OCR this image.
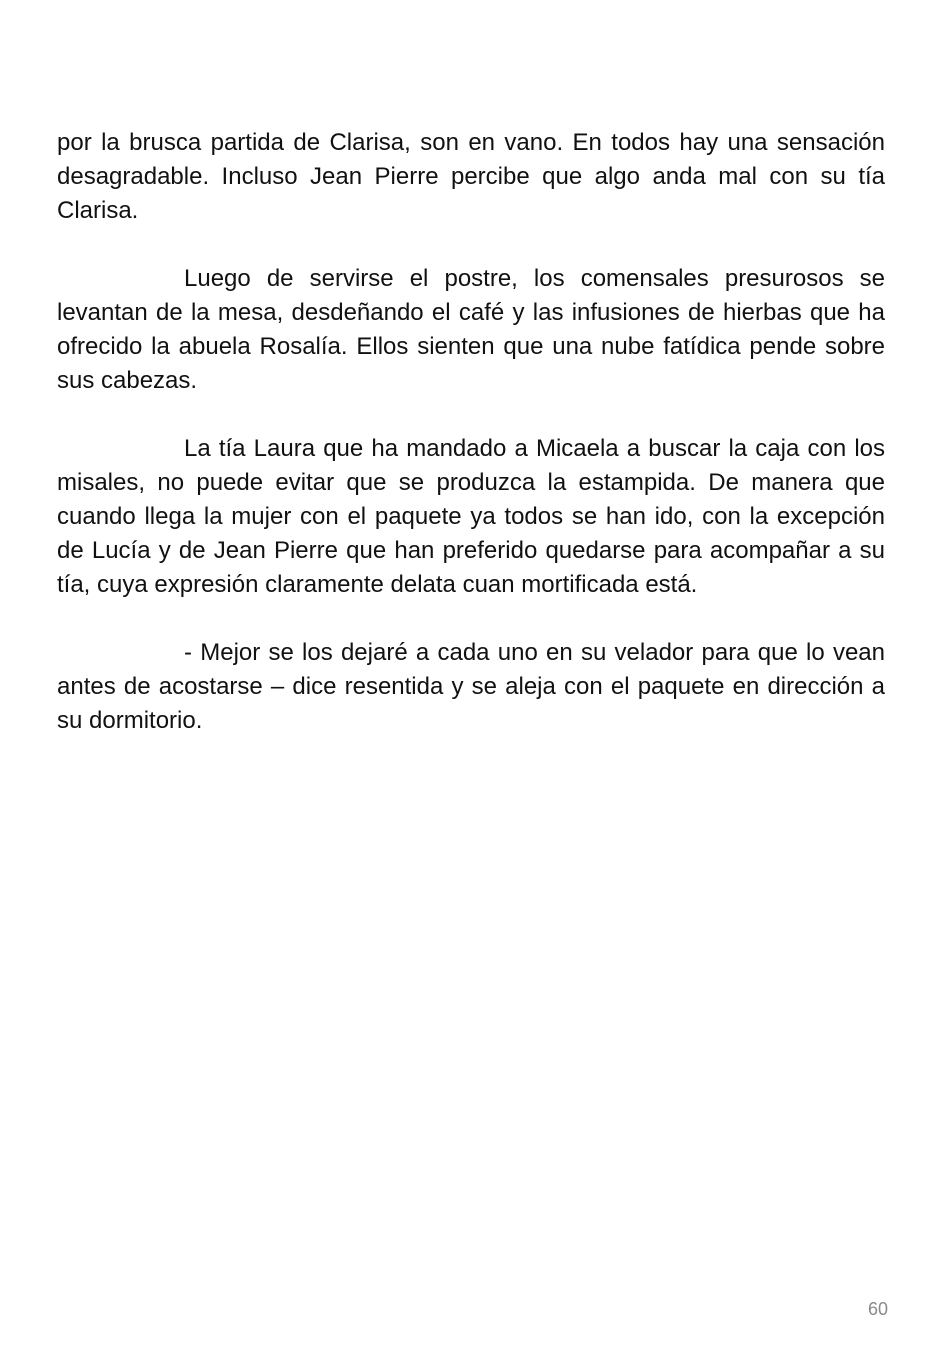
por la brusca partida de Clarisa, son en vano. En todos hay una sensación desagradable. Incluso Jean Pierre percibe que algo anda mal con su tía Clarisa.

Luego de servirse el postre, los comensales presurosos se levantan de la mesa, desdeñando el café y las infusiones de hierbas que ha ofrecido la abuela Rosalía. Ellos sienten que una nube fatídica pende sobre sus cabezas.

La tía Laura que ha mandado a Micaela a buscar la caja con los misales, no puede evitar que se produzca la estampida. De manera que cuando llega la mujer con el paquete ya todos se han ido, con la excepción de Lucía y de Jean Pierre que han preferido quedarse para acompañar a su tía, cuya expresión claramente delata cuan mortificada está.

- Mejor se los dejaré a cada uno en su velador para que lo vean antes de acostarse – dice resentida y se aleja con el paquete en dirección a su dormitorio.

60
